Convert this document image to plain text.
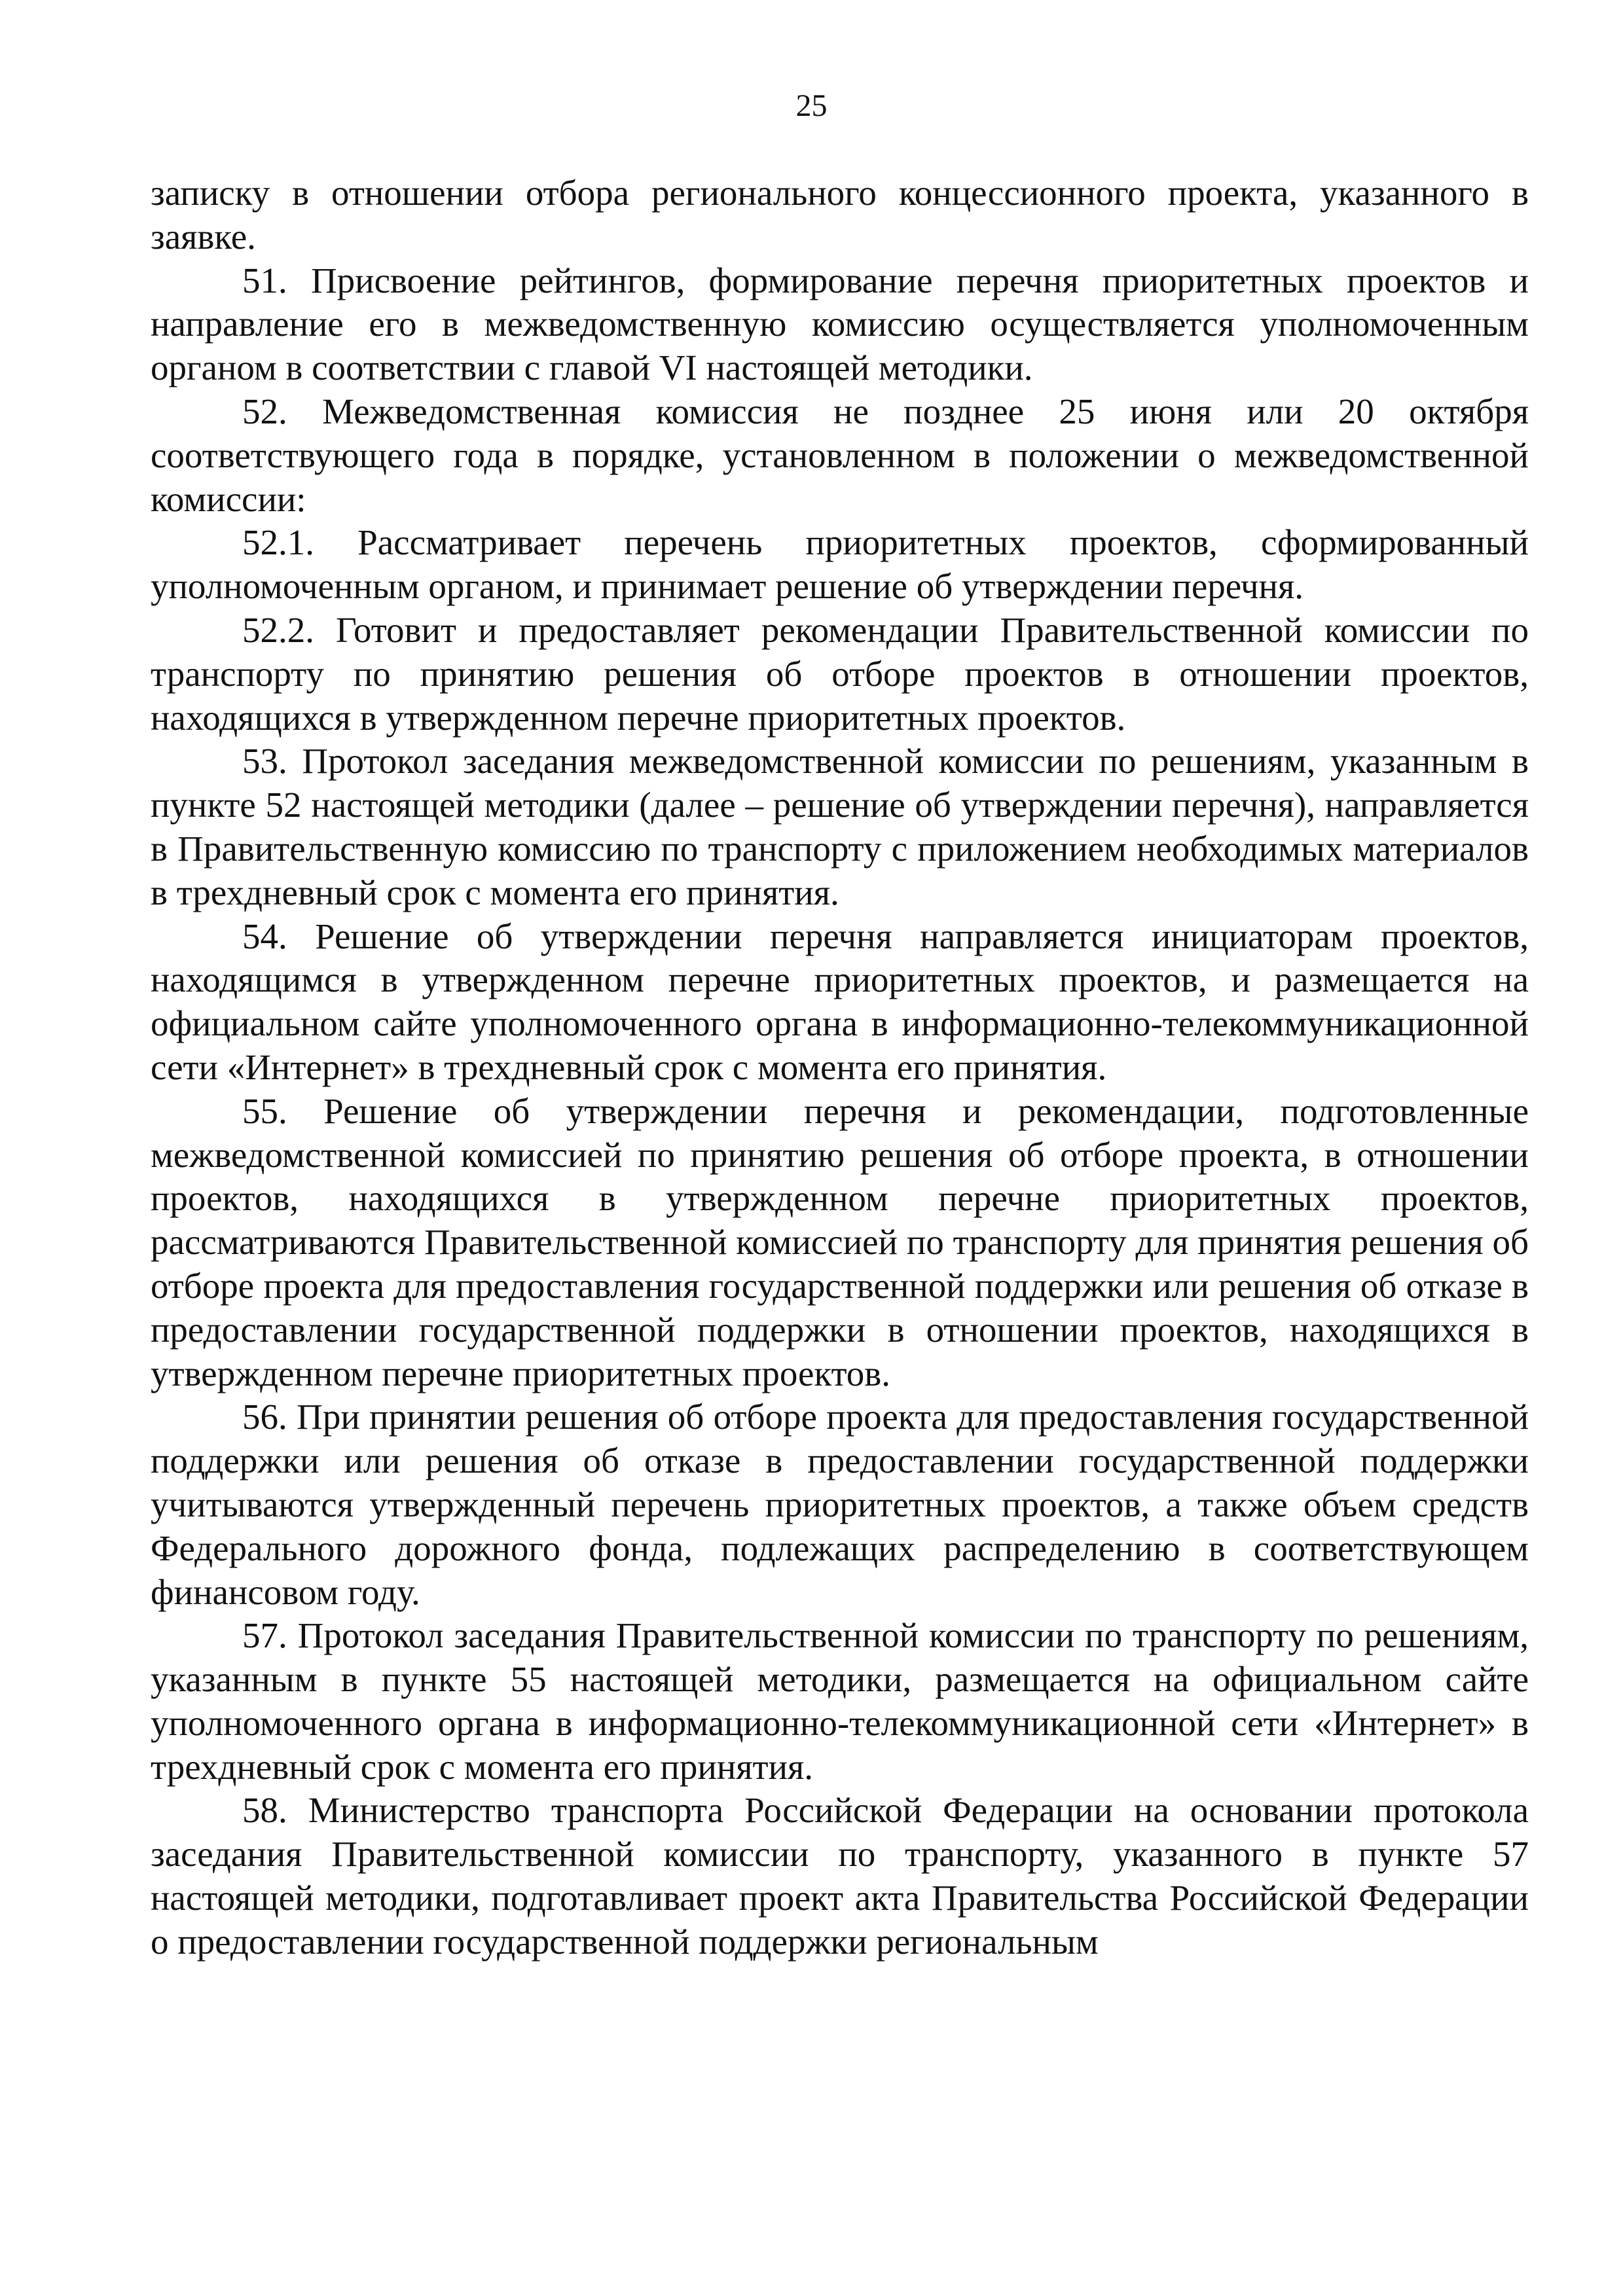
25

записку в отношении отбора регионального концессионного проекта, указанного в заявке.

51. Присвоение рейтингов, формирование перечня приоритетных проектов и направление его в межведомственную комиссию осуществляется уполномоченным органом в соответствии с главой VI настоящей методики.

52. Межведомственная комиссия не позднее 25 июня или 20 октября соответствующего года в порядке, установленном в положении о межведомственной комиссии:

52.1. Рассматривает перечень приоритетных проектов, сформированный уполномоченным органом, и принимает решение об утверждении перечня.

52.2. Готовит и предоставляет рекомендации Правительственной комиссии по транспорту по принятию решения об отборе проектов в отношении проектов, находящихся в утвержденном перечне приоритетных проектов.

53. Протокол заседания межведомственной комиссии по решениям, указанным в пункте 52 настоящей методики (далее – решение об утверждении перечня), направляется в Правительственную комиссию по транспорту с приложением необходимых материалов в трехдневный срок с момента его принятия.

54. Решение об утверждении перечня направляется инициаторам проектов, находящимся в утвержденном перечне приоритетных проектов, и размещается на официальном сайте уполномоченного органа в информационно-телекоммуникационной сети «Интернет» в трехдневный срок с момента его принятия.

55. Решение об утверждении перечня и рекомендации, подготовленные межведомственной комиссией по принятию решения об отборе проекта, в отношении проектов, находящихся в утвержденном перечне приоритетных проектов, рассматриваются Правительственной комиссией по транспорту для принятия решения об отборе проекта для предоставления государственной поддержки или решения об отказе в предоставлении государственной поддержки в отношении проектов, находящихся в утвержденном перечне приоритетных проектов.

56. При принятии решения об отборе проекта для предоставления государственной поддержки или решения об отказе в предоставлении государственной поддержки учитываются утвержденный перечень приоритетных проектов, а также объем средств Федерального дорожного фонда, подлежащих распределению в соответствующем финансовом году.

57. Протокол заседания Правительственной комиссии по транспорту по решениям, указанным в пункте 55 настоящей методики, размещается на официальном сайте уполномоченного органа в информационно-телекоммуникационной сети «Интернет» в трехдневный срок с момента его принятия.

58. Министерство транспорта Российской Федерации на основании протокола заседания Правительственной комиссии по транспорту, указанного в пункте 57 настоящей методики, подготавливает проект акта Правительства Российской Федерации о предоставлении государственной поддержки региональным
